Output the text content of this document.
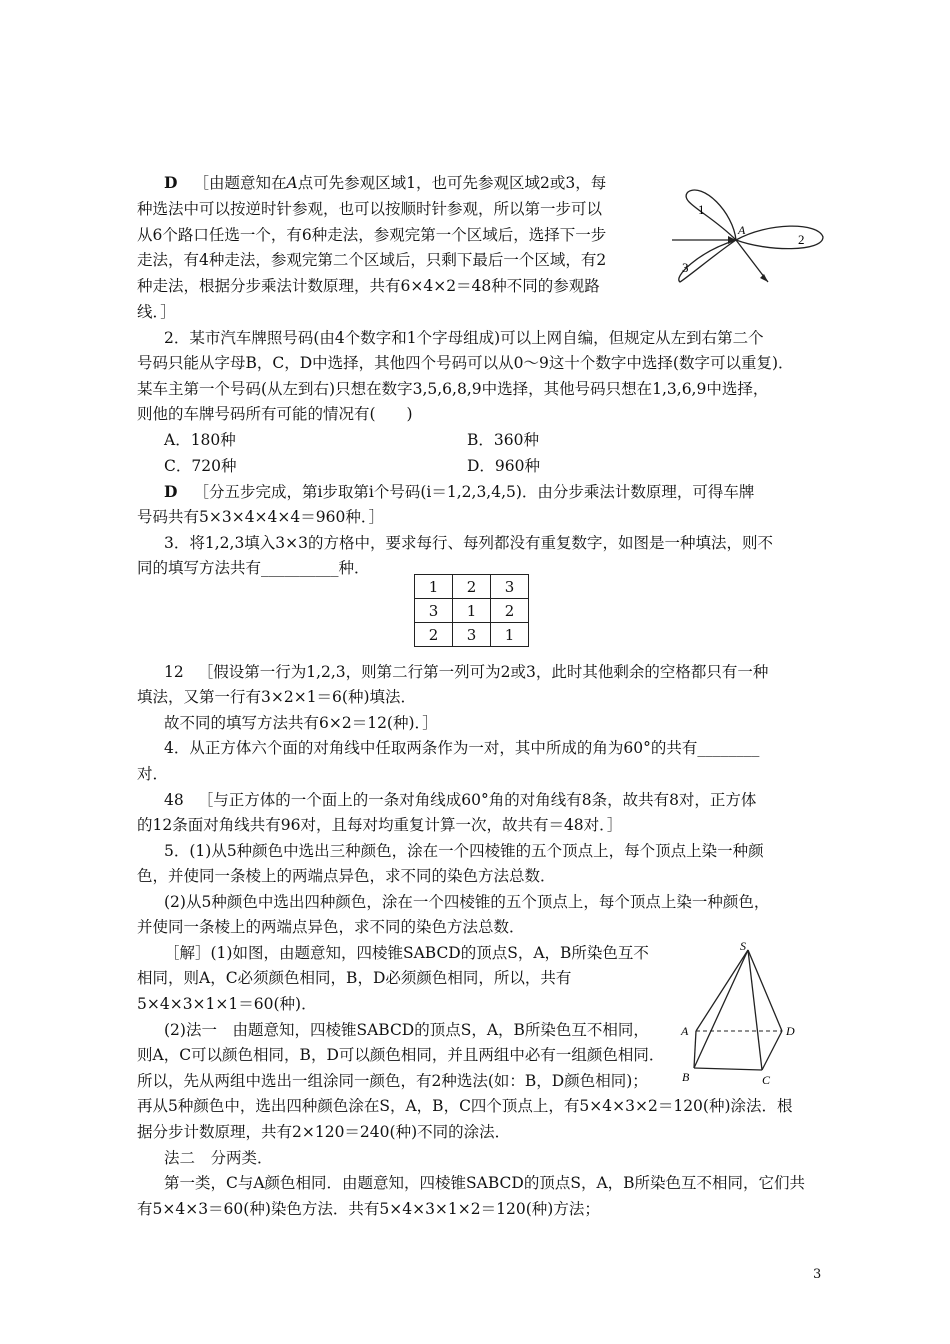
D ［由题意知在A点可先参观区域1，也可先参观区域2或3，每
种选法中可以按逆时针参观，也可以按顺时针参观，所以第一步可以
从6个路口任选一个，有6种走法，参观完第一个区域后，选择下一步
走法，有4种走法，参观完第二个区域后，只剩下最后一个区域，有2
种走法，根据分步乘法计数原理，共有6×4×2＝48种不同的参观路
线．］
1
2
3
A
2．某市汽车牌照号码(由4个数字和1个字母组成)可以上网自编，但规定从左到右第二个
号码只能从字母B，C，D中选择，其他四个号码可以从0～9这十个数字中选择(数字可以重复)．
某车主第一个号码(从左到右)只想在数字3,5,6,8,9中选择，其他号码只想在1,3,6,9中选择，
则他的车牌号码所有可能的情况有(　　)
A．180种	B．360种
C．720种	D．960种
D ［分五步完成，第i步取第i个号码(i＝1,2,3,4,5)．由分步乘法计数原理，可得车牌
号码共有5×3×4×4×4＝960种．］
3．将1,2,3填入3×3的方格中，要求每行、每列都没有重复数字，如图是一种填法，则不
同的填写方法共有__________种．
1	2	3
3	1	2
2	3	1
12 ［假设第一行为1,2,3，则第二行第一列可为2或3，此时其他剩余的空格都只有一种
填法，又第一行有3×2×1＝6(种)填法．
故不同的填写方法共有6×2＝12(种)．］
4．从正方体六个面的对角线中任取两条作为一对，其中所成的角为60°的共有________
对．
48 ［与正方体的一个面上的一条对角线成60°角的对角线有8条，故共有8对，正方体
的12条面对角线共有96对，且每对均重复计算一次，故共有＝48对．］
5．(1)从5种颜色中选出三种颜色，涂在一个四棱锥的五个顶点上，每个顶点上染一种颜
色，并使同一条棱上的两端点异色，求不同的染色方法总数．
(2)从5种颜色中选出四种颜色，涂在一个四棱锥的五个顶点上，每个顶点上染一种颜色，
并使同一条棱上的两端点异色，求不同的染色方法总数．
［解］(1)如图，由题意知，四棱锥SABCD的顶点S，A，B所染色互不
相同，则A，C必须颜色相同，B，D必须颜色相同，所以，共有
5×4×3×1×1＝60(种)．
(2)法一　由题意知，四棱锥SABCD的顶点S，A，B所染色互不相同，
则A，C可以颜色相同，B，D可以颜色相同，并且两组中必有一组颜色相同．
所以，先从两组中选出一组涂同一颜色，有2种选法(如：B，D颜色相同)；
再从5种颜色中，选出四种颜色涂在S，A，B，C四个顶点上，有5×4×3×2＝120(种)涂法．根
据分步计数原理，共有2×120＝240(种)不同的涂法．
法二　分两类．
第一类，C与A颜色相同．由题意知，四棱锥SABCD的顶点S，A，B所染色互不相同，它们共
有5×4×3＝60(种)染色方法．共有5×4×3×1×2＝120(种)方法；
S
A	D
B	C
3
